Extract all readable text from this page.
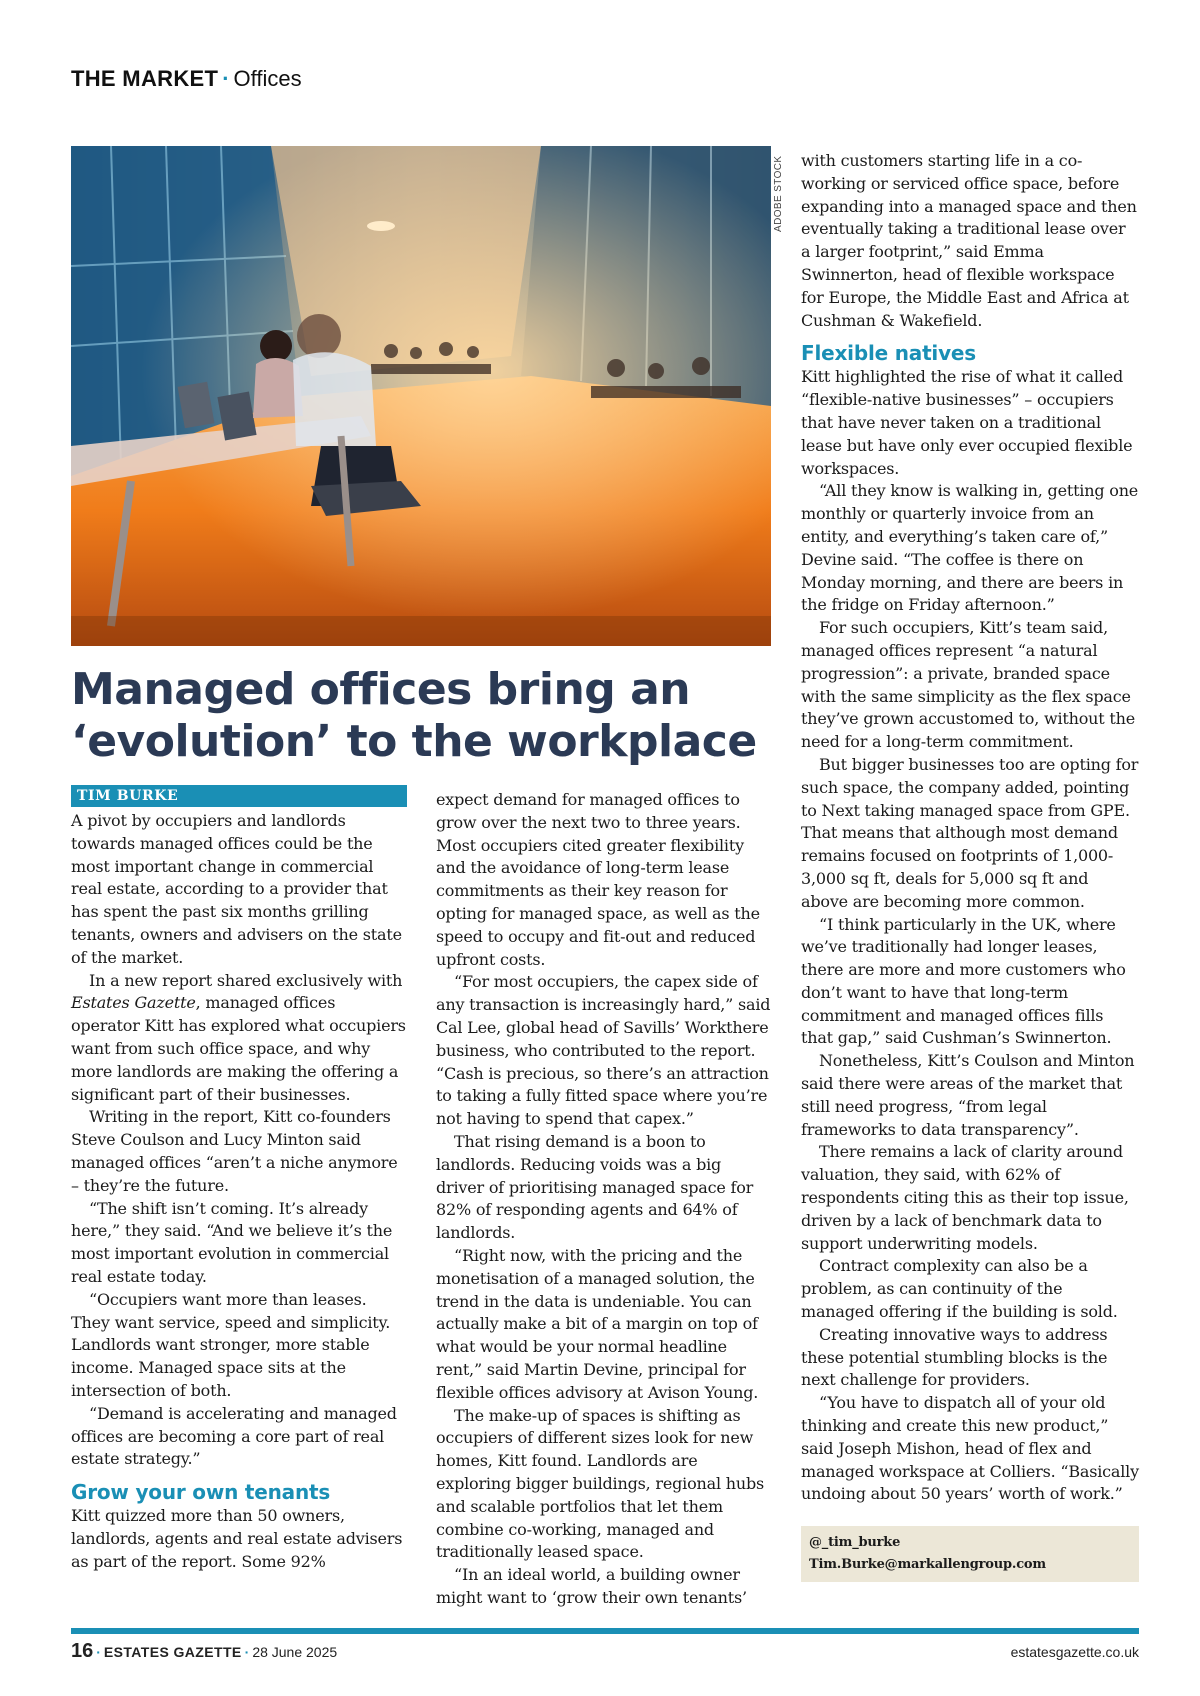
THE MARKET · Offices
ADOBE STOCK
Managed offices bring an ‘evolution’ to the workplace
TIM BURKE

A pivot by occupiers and landlords towards managed offices could be the most important change in commercial real estate, according to a provider that has spent the past six months grilling tenants, owners and advisers on the state of the market.

In a new report shared exclusively with Estates Gazette, managed offices operator Kitt has explored what occupiers want from such office space, and why more landlords are making the offering a significant part of their businesses.

Writing in the report, Kitt co-founders Steve Coulson and Lucy Minton said managed offices “aren’t a niche anymore – they’re the future.

“The shift isn’t coming. It’s already here,” they said. “And we believe it’s the most important evolution in commercial real estate today.

“Occupiers want more than leases. They want service, speed and simplicity. Landlords want stronger, more stable income. Managed space sits at the intersection of both.

“Demand is accelerating and managed offices are becoming a core part of real estate strategy.”

Grow your own tenants

Kitt quizzed more than 50 owners, landlords, agents and real estate advisers as part of the report. Some 92%

expect demand for managed offices to grow over the next two to three years. Most occupiers cited greater flexibility and the avoidance of long-term lease commitments as their key reason for opting for managed space, as well as the speed to occupy and fit-out and reduced upfront costs.

“For most occupiers, the capex side of any transaction is increasingly hard,” said Cal Lee, global head of Savills’ Workthere business, who contributed to the report. “Cash is precious, so there’s an attraction to taking a fully fitted space where you’re not having to spend that capex.”

That rising demand is a boon to landlords. Reducing voids was a big driver of prioritising managed space for 82% of responding agents and 64% of landlords.

“Right now, with the pricing and the monetisation of a managed solution, the trend in the data is undeniable. You can actually make a bit of a margin on top of what would be your normal headline rent,” said Martin Devine, principal for flexible offices advisory at Avison Young.

The make-up of spaces is shifting as occupiers of different sizes look for new homes, Kitt found. Landlords are exploring bigger buildings, regional hubs and scalable portfolios that let them combine co-working, managed and traditionally leased space.

“In an ideal world, a building owner might want to ‘grow their own tenants’

with customers starting life in a co-working or serviced office space, before expanding into a managed space and then eventually taking a traditional lease over a larger footprint,” said Emma Swinnerton, head of flexible workspace for Europe, the Middle East and Africa at Cushman & Wakefield.

Flexible natives

Kitt highlighted the rise of what it called “flexible-native businesses” – occupiers that have never taken on a traditional lease but have only ever occupied flexible workspaces.

“All they know is walking in, getting one monthly or quarterly invoice from an entity, and everything’s taken care of,” Devine said. “The coffee is there on Monday morning, and there are beers in the fridge on Friday afternoon.”

For such occupiers, Kitt’s team said, managed offices represent “a natural progression”: a private, branded space with the same simplicity as the flex space they’ve grown accustomed to, without the need for a long-term commitment.

But bigger businesses too are opting for such space, the company added, pointing to Next taking managed space from GPE. That means that although most demand remains focused on footprints of 1,000-3,000 sq ft, deals for 5,000 sq ft and above are becoming more common.

“I think particularly in the UK, where we’ve traditionally had longer leases, there are more and more customers who don’t want to have that long-term commitment and managed offices fills that gap,” said Cushman’s Swinnerton.

Nonetheless, Kitt’s Coulson and Minton said there were areas of the market that still need progress, “from legal frameworks to data transparency”.

There remains a lack of clarity around valuation, they said, with 62% of respondents citing this as their top issue, driven by a lack of benchmark data to support underwriting models.

Contract complexity can also be a problem, as can continuity of the managed offering if the building is sold.

Creating innovative ways to address these potential stumbling blocks is the next challenge for providers.

“You have to dispatch all of your old thinking and create this new product,” said Joseph Mishon, head of flex and managed workspace at Colliers. “Basically undoing about 50 years’ worth of work.”

@_tim_burke
Tim.Burke@markallengroup.com
16 · ESTATES GAZETTE · 28 June 2025	estatesgazette.co.uk
